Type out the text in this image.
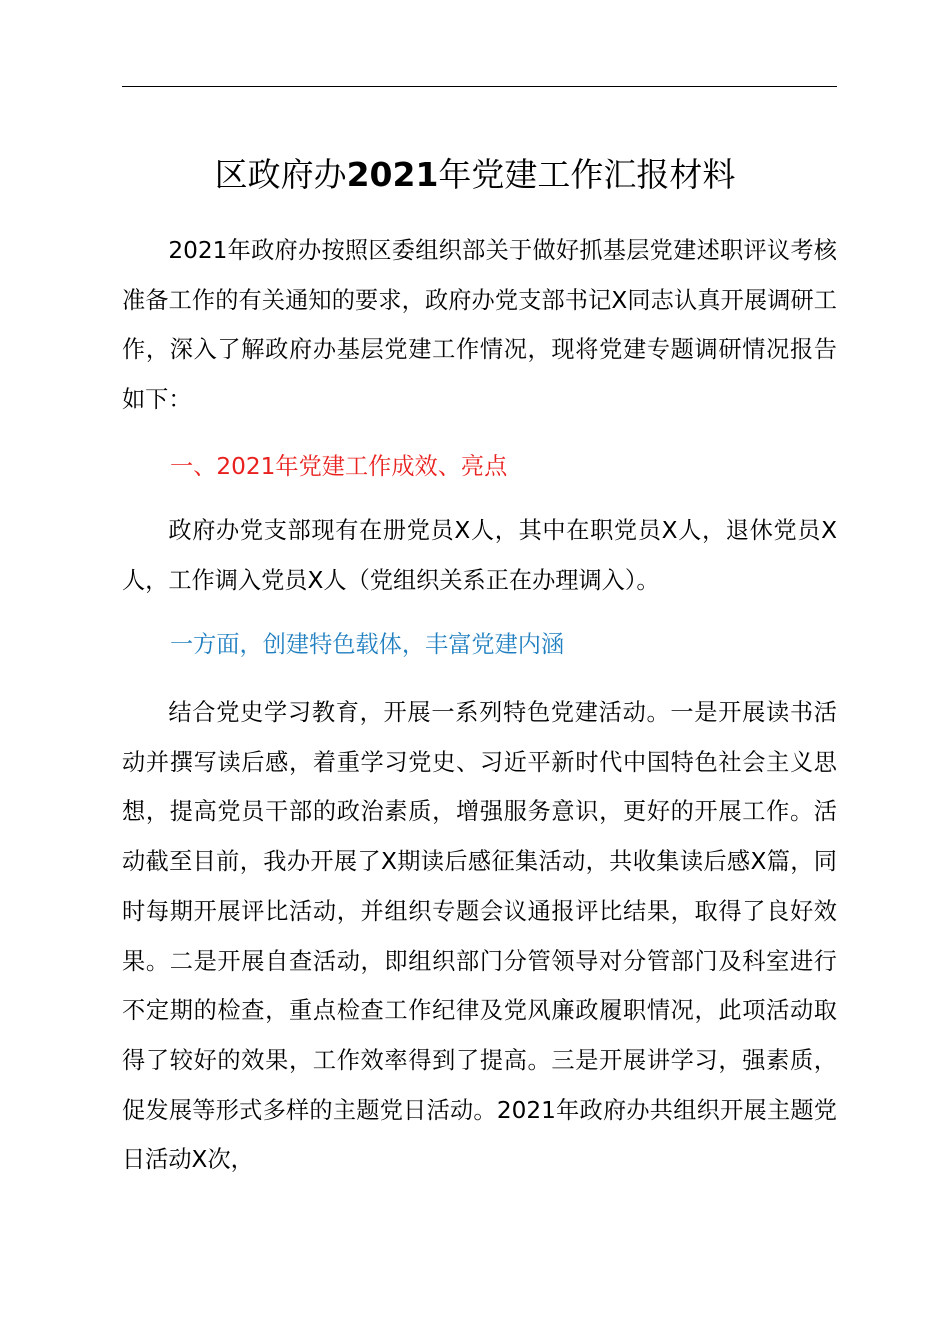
区政府办2021年党建工作汇报材料

2021年政府办按照区委组织部关于做好抓基层党建述职评议考核准备工作的有关通知的要求，政府办党支部书记X同志认真开展调研工作，深入了解政府办基层党建工作情况，现将党建专题调研情况报告如下：

一、2021年党建工作成效、亮点

政府办党支部现有在册党员X人，其中在职党员X人，退休党员X人，工作调入党员X人（党组织关系正在办理调入）。

一方面，创建特色载体，丰富党建内涵

结合党史学习教育，开展一系列特色党建活动。一是开展读书活动并撰写读后感，着重学习党史、习近平新时代中国特色社会主义思想，提高党员干部的政治素质，增强服务意识，更好的开展工作。活动截至目前，我办开展了X期读后感征集活动，共收集读后感X篇，同时每期开展评比活动，并组织专题会议通报评比结果，取得了良好效果。二是开展自查活动，即组织部门分管领导对分管部门及科室进行不定期的检查，重点检查工作纪律及党风廉政履职情况，此项活动取得了较好的效果，工作效率得到了提高。三是开展讲学习，强素质，促发展等形式多样的主题党日活动。2021年政府办共组织开展主题党日活动X次，
